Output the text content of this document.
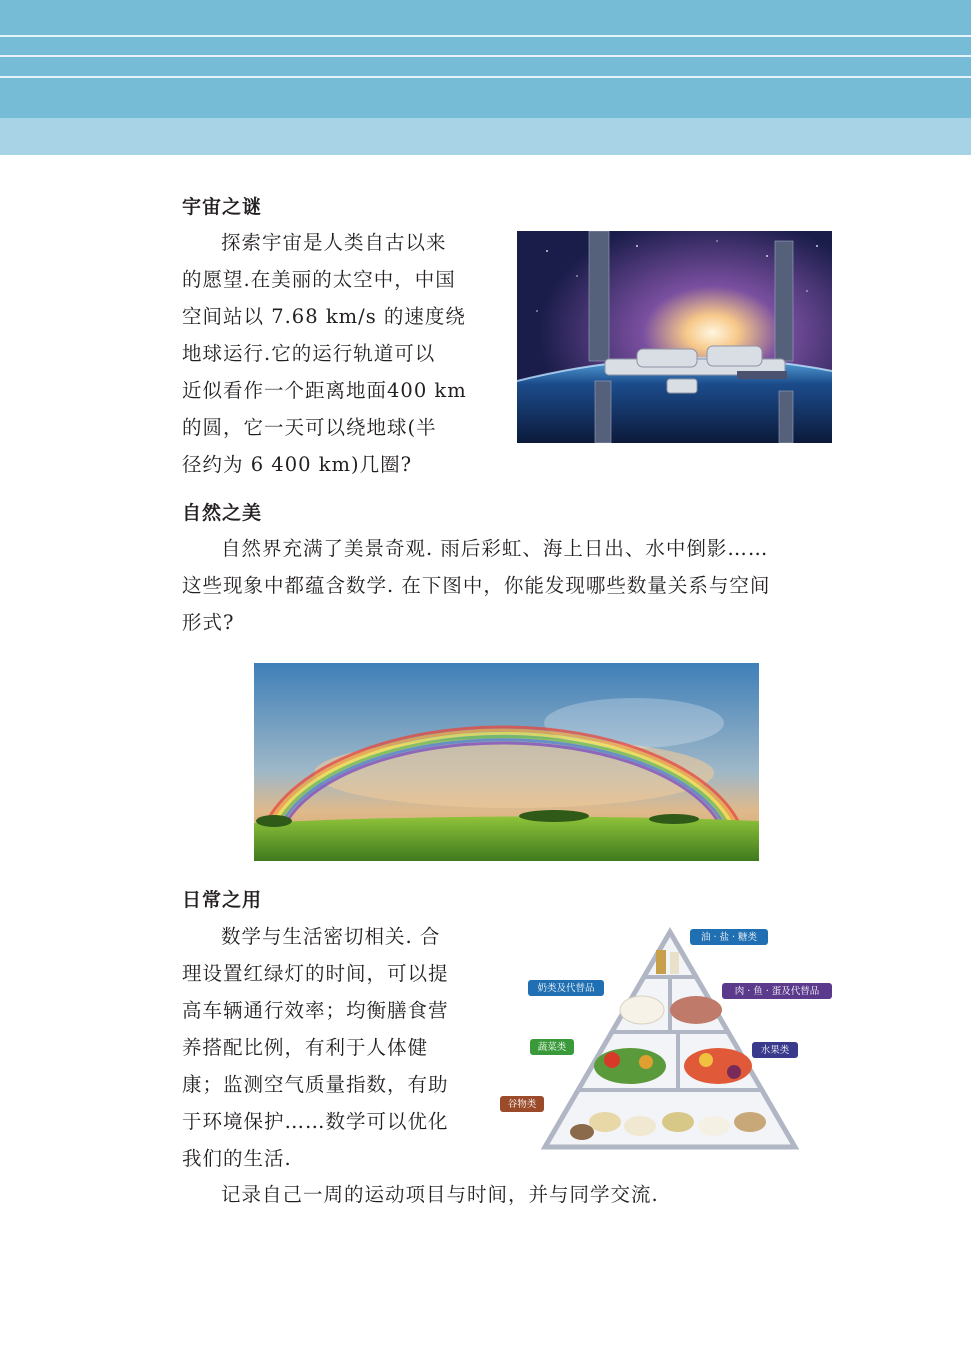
宇宙之谜
探索宇宙是人类自古以来
的愿望.在美丽的太空中，中国
空间站以 7.68 km/s 的速度绕
地球运行.它的运行轨道可以
近似看作一个距离地面400 km
的圆，它一天可以绕地球(半
径约为 6 400 km)几圈?
自然之美
自然界充满了美景奇观. 雨后彩虹、海上日出、水中倒影……
这些现象中都蕴含数学. 在下图中，你能发现哪些数量关系与空间
形式?
日常之用
数学与生活密切相关. 合
理设置红绿灯的时间，可以提
高车辆通行效率；均衡膳食营
养搭配比例，有利于人体健
康；监测空气质量指数，有助
于环境保护……数学可以优化
我们的生活.
记录自己一周的运动项目与时间，并与同学交流.
油 · 盐 · 糖类
奶类及代替品	肉 · 鱼 · 蛋及代替品
蔬菜类	水果类
谷物类
